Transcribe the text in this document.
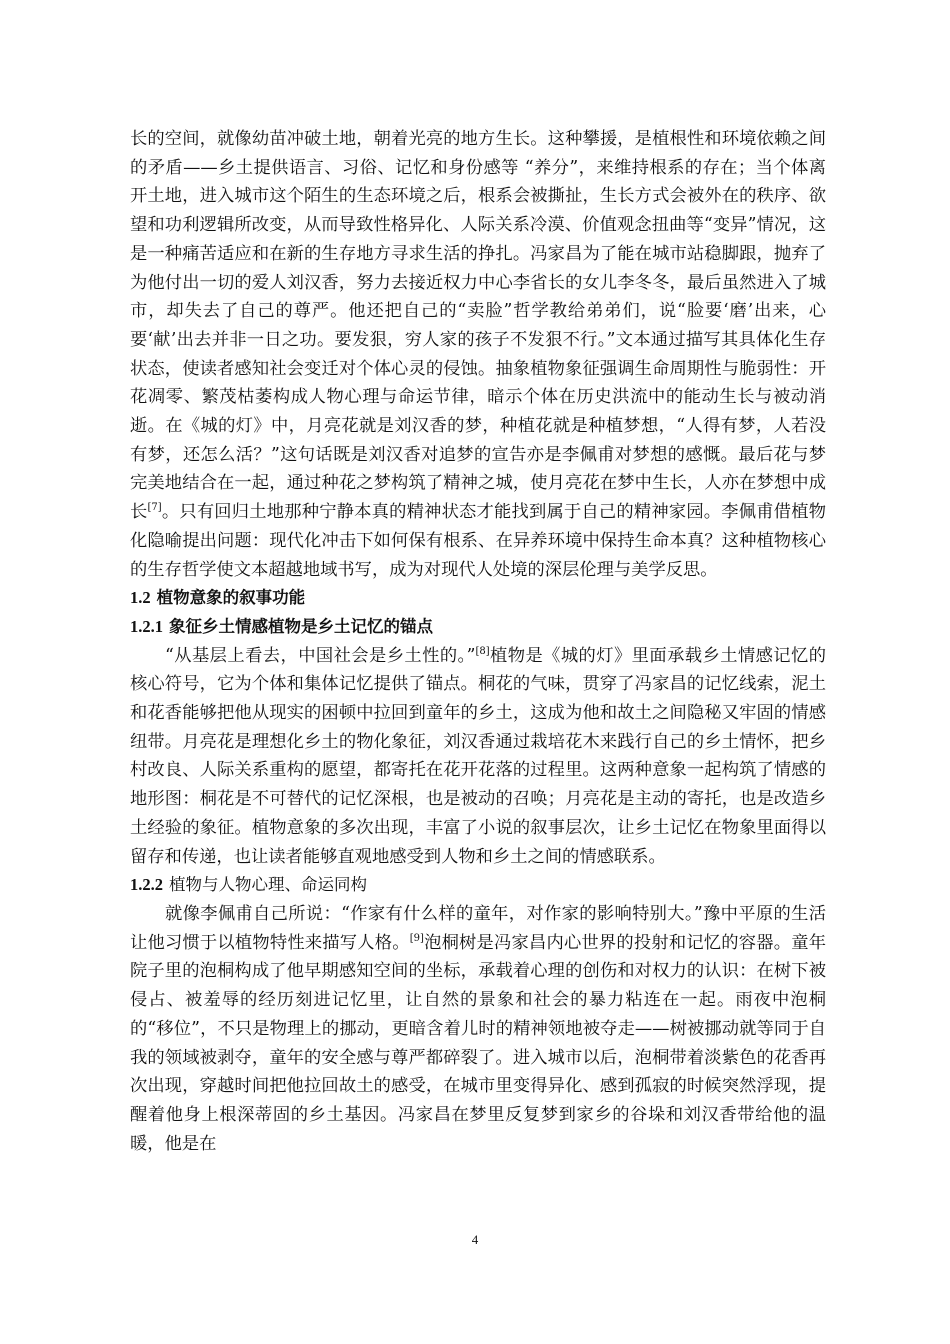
长的空间，就像幼苗冲破土地，朝着光亮的地方生长。这种攀援，是植根性和环境依赖之间的矛盾——乡土提供语言、习俗、记忆和身份感等 “养分”，来维持根系的存在；当个体离开土地，进入城市这个陌生的生态环境之后，根系会被撕扯，生长方式会被外在的秩序、欲望和功利逻辑所改变，从而导致性格异化、人际关系冷漠、价值观念扭曲等“变异”情况，这是一种痛苦适应和在新的生存地方寻求生活的挣扎。冯家昌为了能在城市站稳脚跟，抛弃了为他付出一切的爱人刘汉香，努力去接近权力中心李省长的女儿李冬冬，最后虽然进入了城市，却失去了自己的尊严。他还把自己的“卖脸”哲学教给弟弟们，说“脸要‘磨’出来，心要‘献’出去并非一日之功。要发狠，穷人家的孩子不发狠不行。”文本通过描写其具体化生存状态，使读者感知社会变迁对个体心灵的侵蚀。抽象植物象征强调生命周期性与脆弱性：开花凋零、繁茂枯萎构成人物心理与命运节律，暗示个体在历史洪流中的能动生长与被动消逝。在《城的灯》中，月亮花就是刘汉香的梦，种植花就是种植梦想，“人得有梦，人若没有梦，还怎么活？”这句话既是刘汉香对追梦的宣告亦是李佩甫对梦想的感慨。最后花与梦完美地结合在一起，通过种花之梦构筑了精神之城，使月亮花在梦中生长，人亦在梦想中成长[7]。只有回归土地那种宁静本真的精神状态才能找到属于自己的精神家园。李佩甫借植物化隐喻提出问题：现代化冲击下如何保有根系、在异养环境中保持生命本真？这种植物核心的生存哲学使文本超越地域书写，成为对现代人处境的深层伦理与美学反思。

1.2 植物意象的叙事功能

1.2.1 象征乡土情感植物是乡土记忆的锚点

“从基层上看去，中国社会是乡土性的。”[8]植物是《城的灯》里面承载乡土情感记忆的核心符号，它为个体和集体记忆提供了锚点。桐花的气味，贯穿了冯家昌的记忆线索，泥土和花香能够把他从现实的困顿中拉回到童年的乡土，这成为他和故土之间隐秘又牢固的情感纽带。月亮花是理想化乡土的物化象征，刘汉香通过栽培花木来践行自己的乡土情怀，把乡村改良、人际关系重构的愿望，都寄托在花开花落的过程里。这两种意象一起构筑了情感的地形图：桐花是不可替代的记忆深根，也是被动的召唤；月亮花是主动的寄托，也是改造乡土经验的象征。植物意象的多次出现，丰富了小说的叙事层次，让乡土记忆在物象里面得以留存和传递，也让读者能够直观地感受到人物和乡土之间的情感联系。

1.2.2 植物与人物心理、命运同构

就像李佩甫自己所说：“作家有什么样的童年，对作家的影响特别大。”豫中平原的生活让他习惯于以植物特性来描写人格。[9]泡桐树是冯家昌内心世界的投射和记忆的容器。童年院子里的泡桐构成了他早期感知空间的坐标，承载着心理的创伤和对权力的认识：在树下被侵占、被羞辱的经历刻进记忆里，让自然的景象和社会的暴力粘连在一起。雨夜中泡桐的“移位”，不只是物理上的挪动，更暗含着儿时的精神领地被夺走——树被挪动就等同于自我的领域被剥夺，童年的安全感与尊严都碎裂了。进入城市以后，泡桐带着淡紫色的花香再次出现，穿越时间把他拉回故土的感受，在城市里变得异化、感到孤寂的时候突然浮现，提醒着他身上根深蒂固的乡土基因。冯家昌在梦里反复梦到家乡的谷垛和刘汉香带给他的温暖，他是在

4
